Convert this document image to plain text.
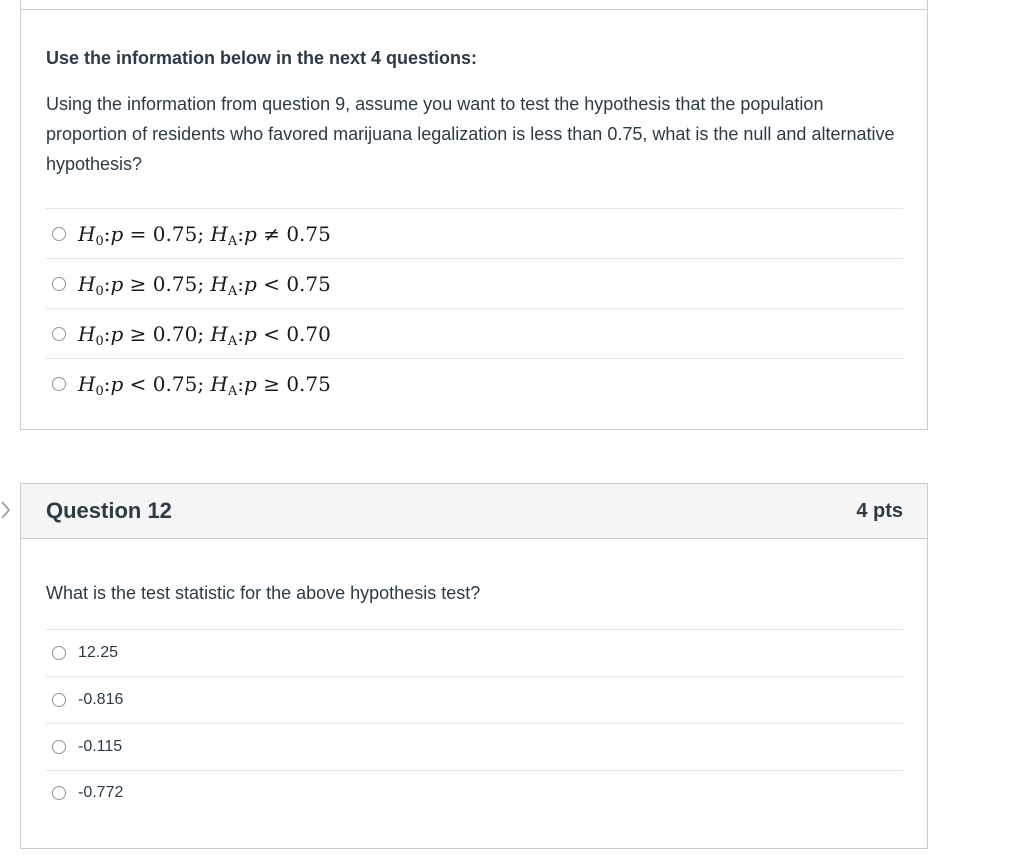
Use the information below in the next 4 questions:

Using the information from question 9, assume you want to test the hypothesis that the population proportion of residents who favored marijuana legalization is less than 0.75, what is the null and alternative hypothesis?

$H_0:p = 0.75$; $H_A:p \ne 0.75$
$H_0:p \ge 0.75$; $H_A:p < 0.75$
$H_0:p \ge 0.70$; $H_A:p < 0.70$
$H_0:p < 0.75$; $H_A:p \ge 0.75$
Question 12	4 pts

What is the test statistic for the above hypothesis test?

12.25
-0.816
-0.115
-0.772
